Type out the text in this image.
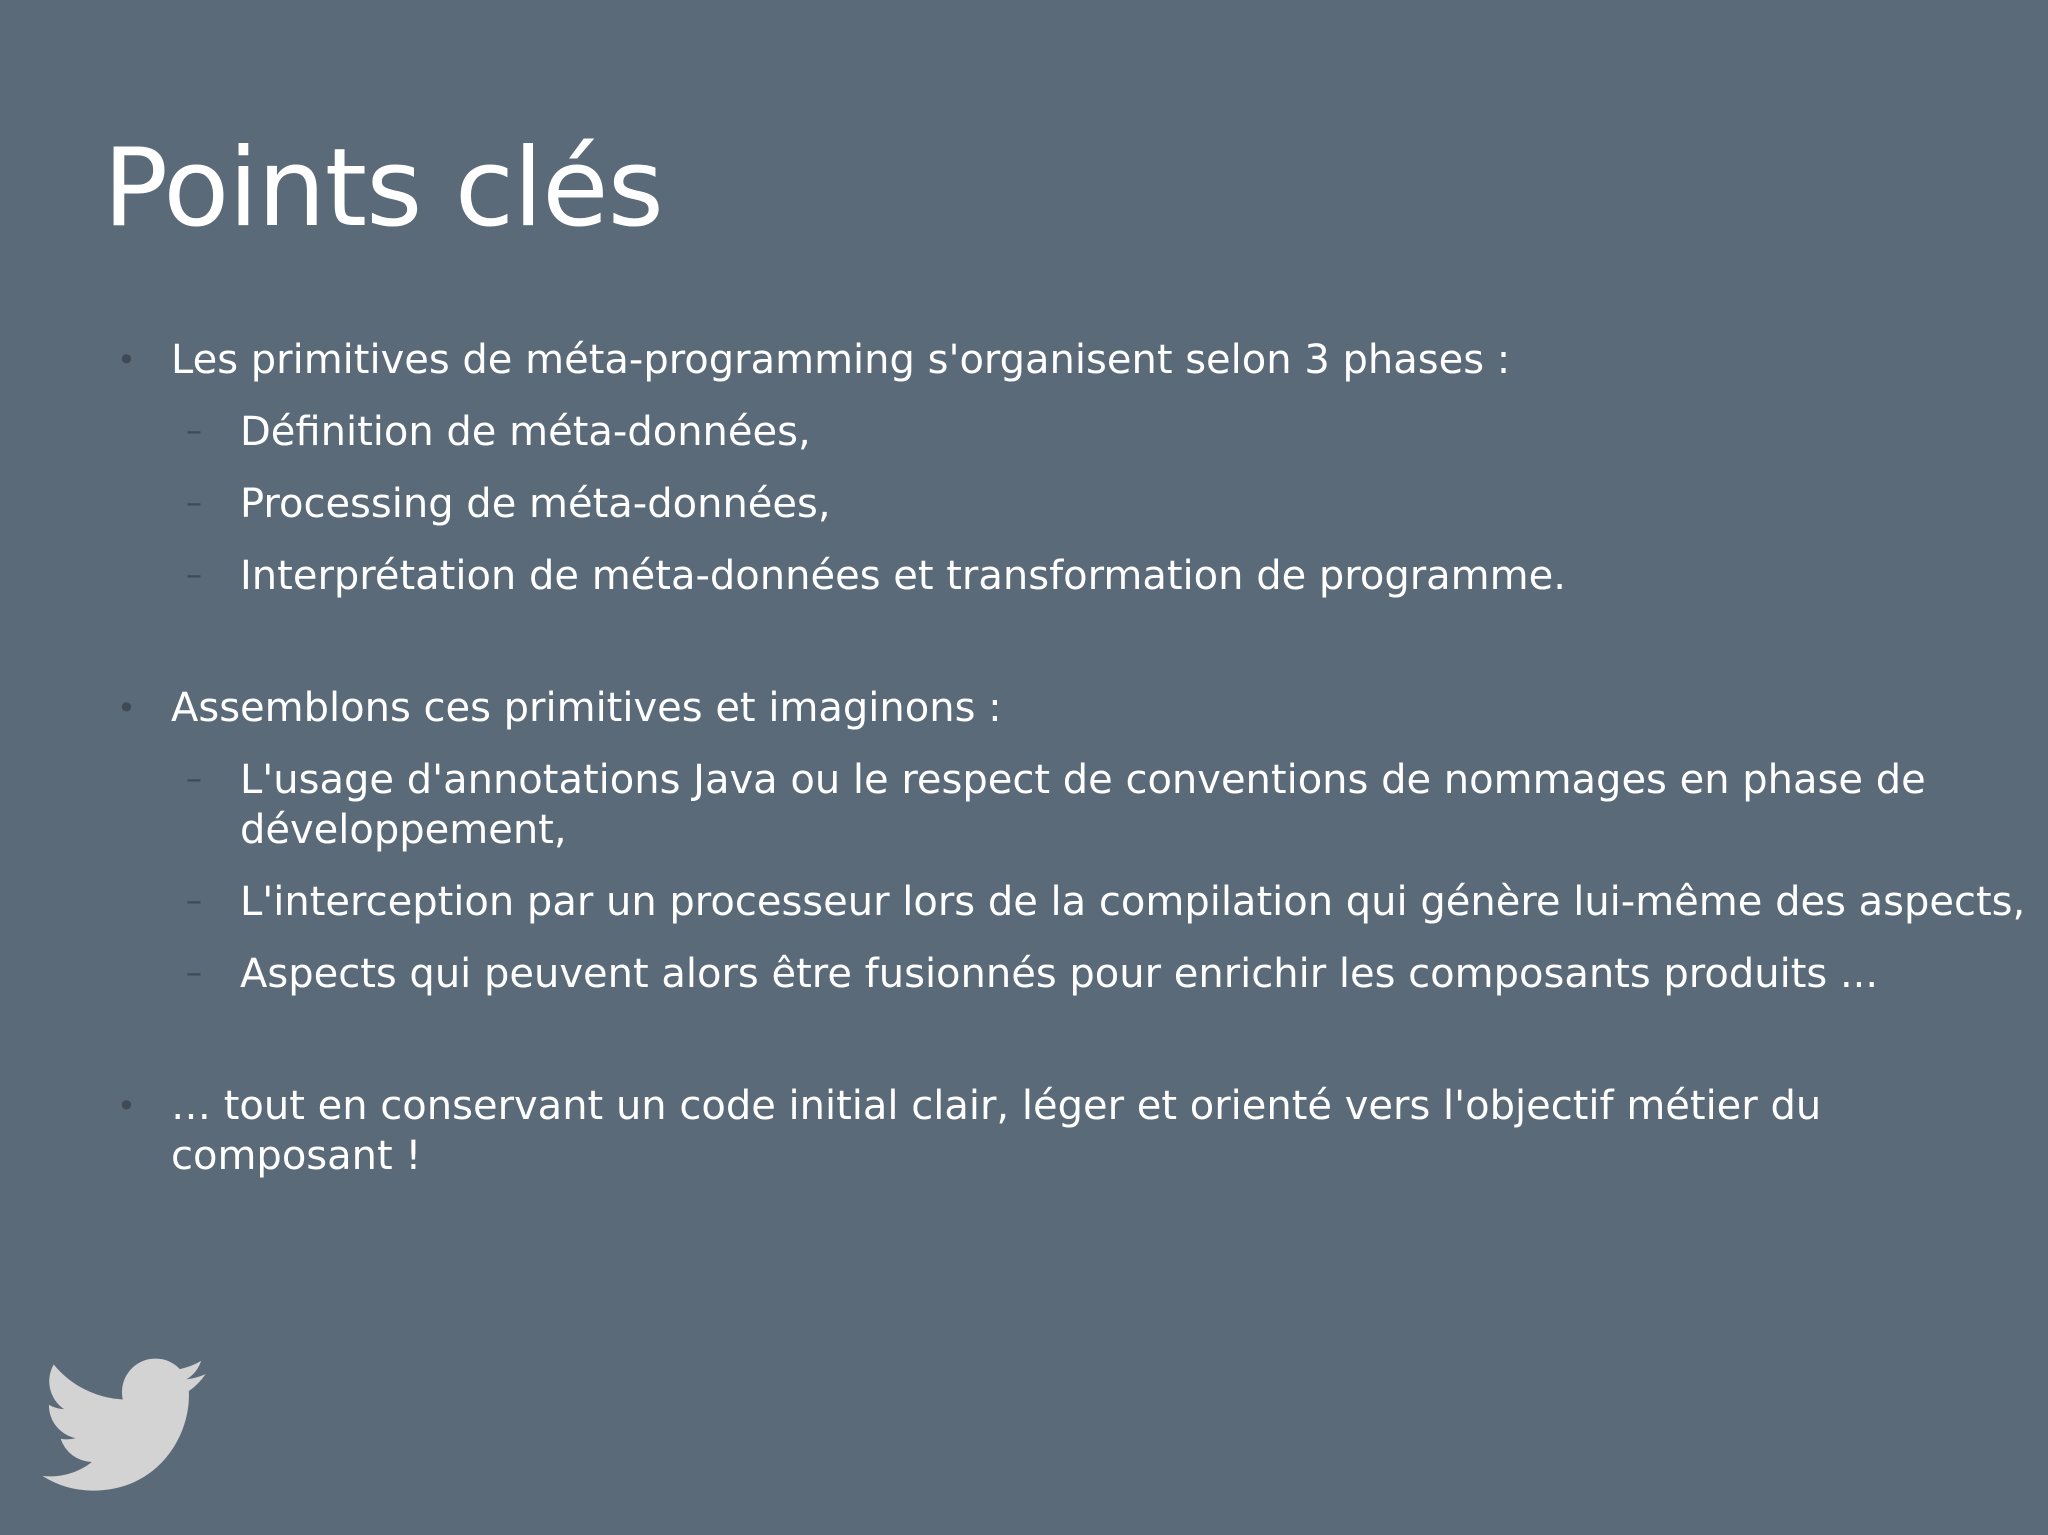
Points clés

• Les primitives de méta-programming s'organisent selon 3 phases :

– Définition de méta-données,
– Processing de méta-données,
– Interprétation de méta-données et transformation de programme.

• Assemblons ces primitives et imaginons :

– L'usage d'annotations Java ou le respect de conventions de nommages en phase de développement,
– L'interception par un processeur lors de la compilation qui génère lui-même des aspects,
– Aspects qui peuvent alors être fusionnés pour enrichir les composants produits ...

• … tout en conservant un code initial clair, léger et orienté vers l'objectif métier du composant !
